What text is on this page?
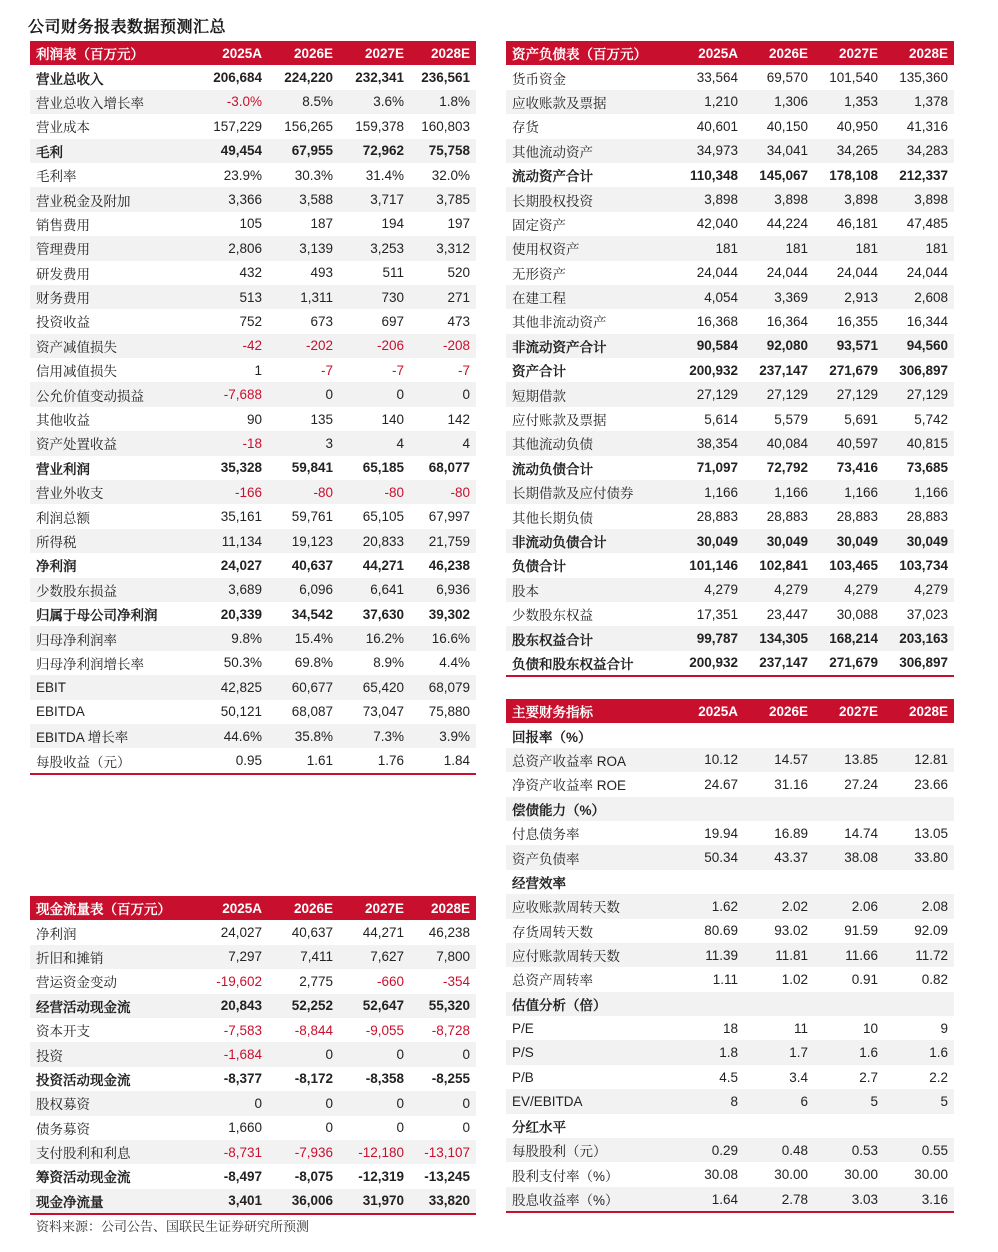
公司财务报表数据预测汇总
利润表（百万元）	2025A	2026E	2027E	2028E
营业总收入	206,684	224,220	232,341	236,561
营业总收入增长率	-3.0%	8.5%	3.6%	1.8%
营业成本	157,229	156,265	159,378	160,803
毛利	49,454	67,955	72,962	75,758
毛利率	23.9%	30.3%	31.4%	32.0%
营业税金及附加	3,366	3,588	3,717	3,785
销售费用	105	187	194	197
管理费用	2,806	3,139	3,253	3,312
研发费用	432	493	511	520
财务费用	513	1,311	730	271
投资收益	752	673	697	473
资产减值损失	-42	-202	-206	-208
信用减值损失	1	-7	-7	-7
公允价值变动损益	-7,688	0	0	0
其他收益	90	135	140	142
资产处置收益	-18	3	4	4
营业利润	35,328	59,841	65,185	68,077
营业外收支	-166	-80	-80	-80
利润总额	35,161	59,761	65,105	67,997
所得税	11,134	19,123	20,833	21,759
净利润	24,027	40,637	44,271	46,238
少数股东损益	3,689	6,096	6,641	6,936
归属于母公司净利润	20,339	34,542	37,630	39,302
归母净利润率	9.8%	15.4%	16.2%	16.6%
归母净利润增长率	50.3%	69.8%	8.9%	4.4%
EBIT	42,825	60,677	65,420	68,079
EBITDA	50,121	68,087	73,047	75,880
EBITDA 增长率	44.6%	35.8%	7.3%	3.9%
每股收益（元）	0.95	1.61	1.76	1.84
资产负债表（百万元）	2025A	2026E	2027E	2028E
货币资金	33,564	69,570	101,540	135,360
应收账款及票据	1,210	1,306	1,353	1,378
存货	40,601	40,150	40,950	41,316
其他流动资产	34,973	34,041	34,265	34,283
流动资产合计	110,348	145,067	178,108	212,337
长期股权投资	3,898	3,898	3,898	3,898
固定资产	42,040	44,224	46,181	47,485
使用权资产	181	181	181	181
无形资产	24,044	24,044	24,044	24,044
在建工程	4,054	3,369	2,913	2,608
其他非流动资产	16,368	16,364	16,355	16,344
非流动资产合计	90,584	92,080	93,571	94,560
资产合计	200,932	237,147	271,679	306,897
短期借款	27,129	27,129	27,129	27,129
应付账款及票据	5,614	5,579	5,691	5,742
其他流动负债	38,354	40,084	40,597	40,815
流动负债合计	71,097	72,792	73,416	73,685
长期借款及应付债券	1,166	1,166	1,166	1,166
其他长期负债	28,883	28,883	28,883	28,883
非流动负债合计	30,049	30,049	30,049	30,049
负债合计	101,146	102,841	103,465	103,734
股本	4,279	4,279	4,279	4,279
少数股东权益	17,351	23,447	30,088	37,023
股东权益合计	99,787	134,305	168,214	203,163
负债和股东权益合计	200,932	237,147	271,679	306,897
主要财务指标	2025A	2026E	2027E	2028E
回报率（%）				
总资产收益率 ROA	10.12	14.57	13.85	12.81
净资产收益率 ROE	24.67	31.16	27.24	23.66
偿债能力（%）				
付息债务率	19.94	16.89	14.74	13.05
资产负债率	50.34	43.37	38.08	33.80
经营效率				
应收账款周转天数	1.62	2.02	2.06	2.08
存货周转天数	80.69	93.02	91.59	92.09
应付账款周转天数	11.39	11.81	11.66	11.72
总资产周转率	1.11	1.02	0.91	0.82
估值分析（倍）				
P/E	18	11	10	9
P/S	1.8	1.7	1.6	1.6
P/B	4.5	3.4	2.7	2.2
EV/EBITDA	8	6	5	5
分红水平				
每股股利（元）	0.29	0.48	0.53	0.55
股利支付率（%）	30.08	30.00	30.00	30.00
股息收益率（%）	1.64	2.78	3.03	3.16
现金流量表（百万元）	2025A	2026E	2027E	2028E
净利润	24,027	40,637	44,271	46,238
折旧和摊销	7,297	7,411	7,627	7,800
营运资金变动	-19,602	2,775	-660	-354
经营活动现金流	20,843	52,252	52,647	55,320
资本开支	-7,583	-8,844	-9,055	-8,728
投资	-1,684	0	0	0
投资活动现金流	-8,377	-8,172	-8,358	-8,255
股权募资	0	0	0	0
债务募资	1,660	0	0	0
支付股利和利息	-8,731	-7,936	-12,180	-13,107
筹资活动现金流	-8,497	-8,075	-12,319	-13,245
现金净流量	3,401	36,006	31,970	33,820
资料来源：公司公告、国联民生证券研究所预测
